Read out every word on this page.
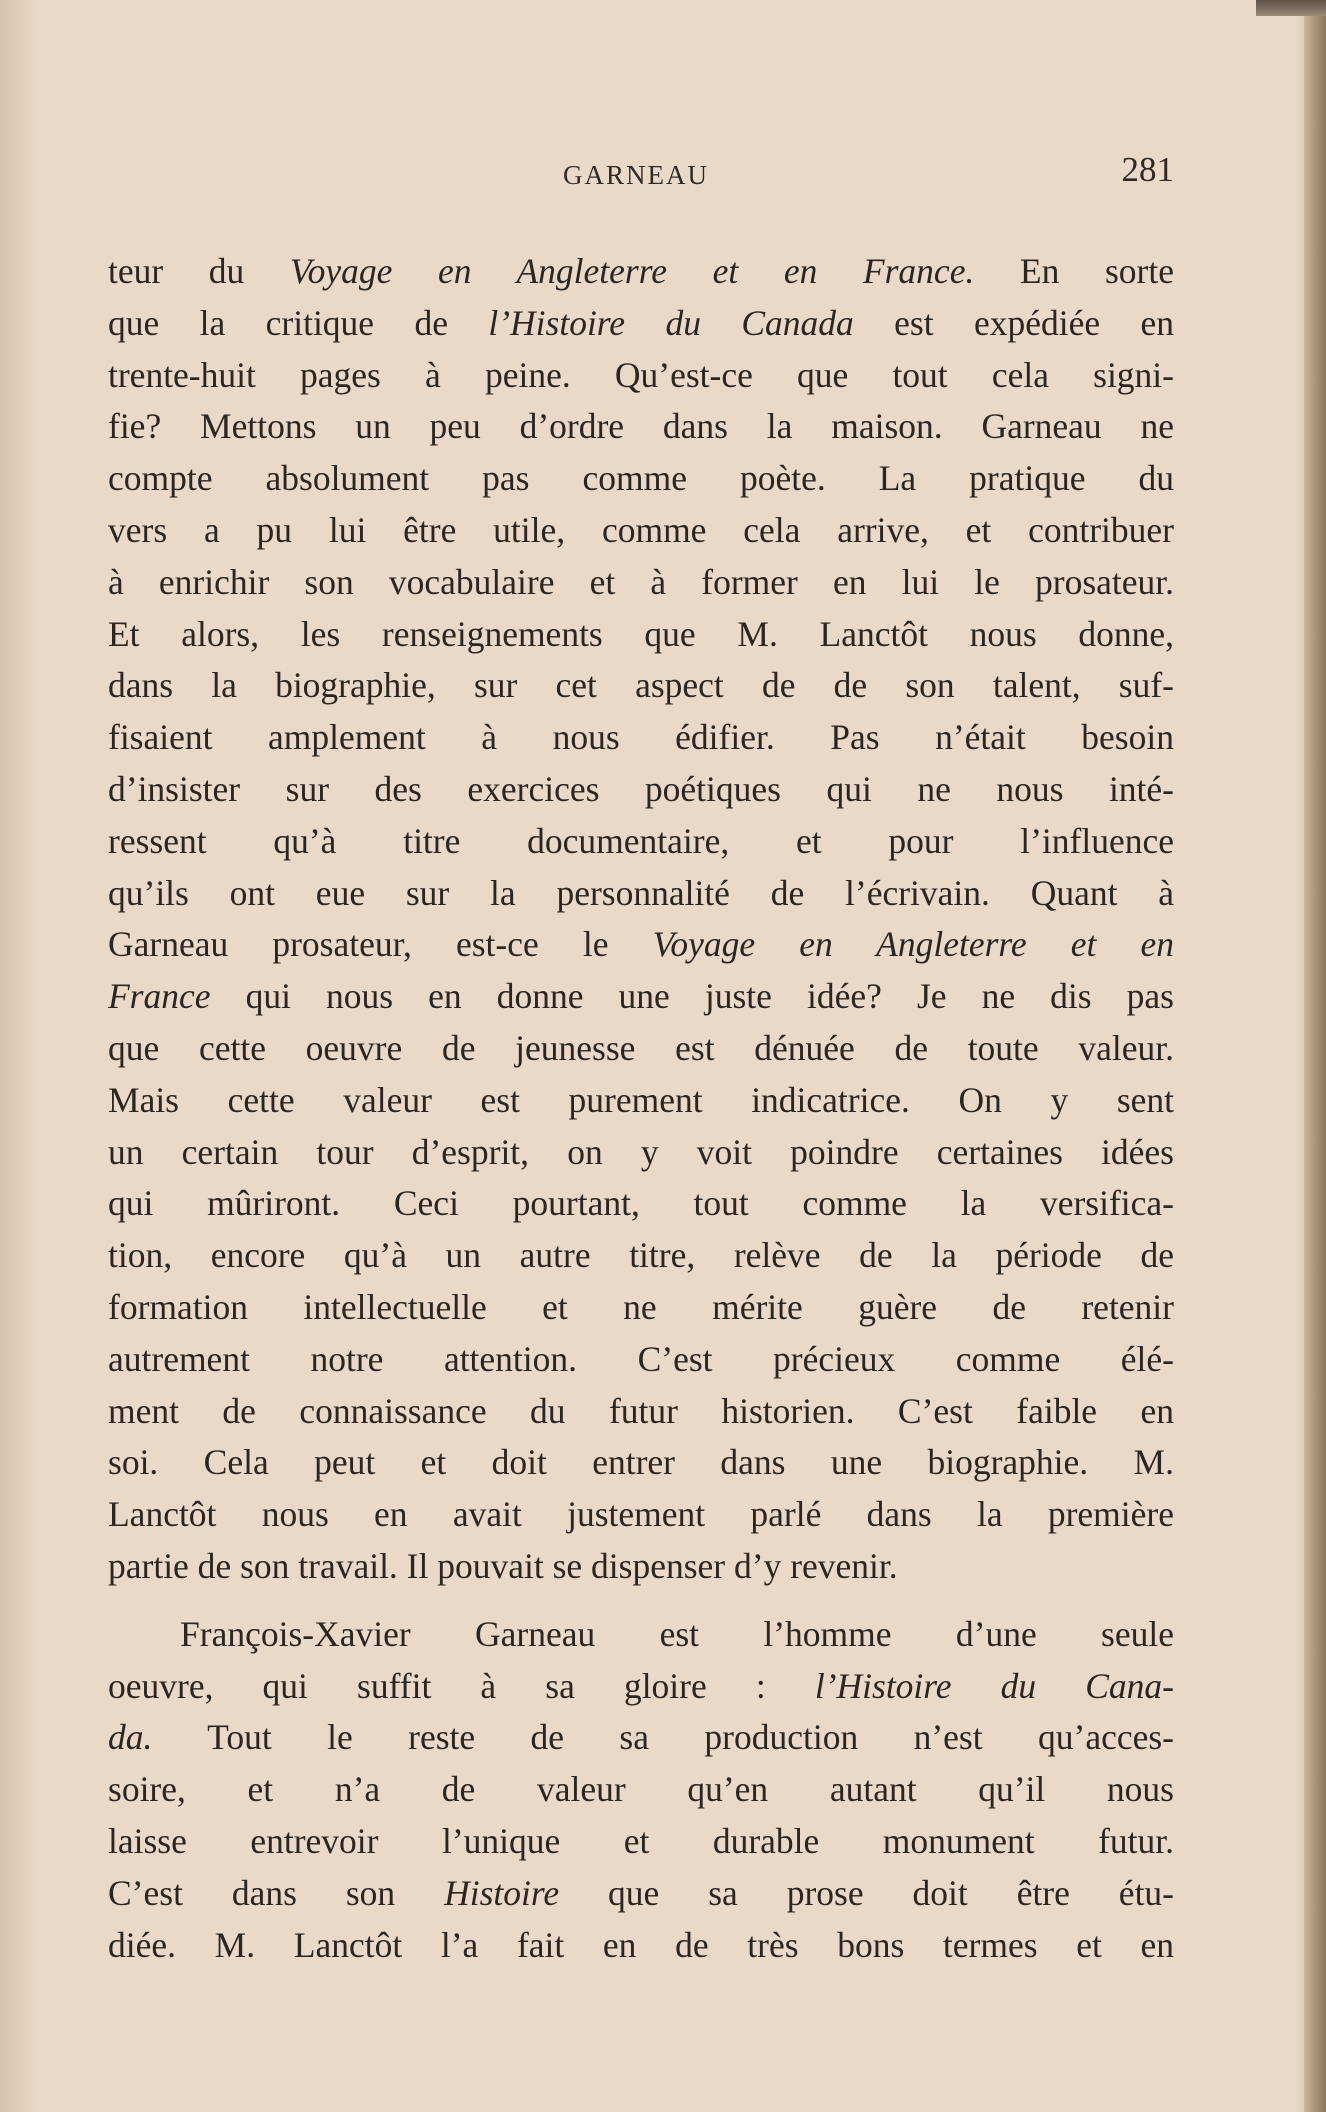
GARNEAU	281
teur du Voyage en Angleterre et en France. En sorte
que la critique de l’Histoire du Canada est expédiée en
trente-huit pages à peine. Qu’est-ce que tout cela signi-
fie? Mettons un peu d’ordre dans la maison. Garneau ne
compte absolument pas comme poète. La pratique du
vers a pu lui être utile, comme cela arrive, et contribuer
à enrichir son vocabulaire et à former en lui le prosateur.
Et alors, les renseignements que M. Lanctôt nous donne,
dans la biographie, sur cet aspect de de son talent, suf-
fisaient amplement à nous édifier. Pas n’était besoin
d’insister sur des exercices poétiques qui ne nous inté-
ressent qu’à titre documentaire, et pour l’influence
qu’ils ont eue sur la personnalité de l’écrivain. Quant à
Garneau prosateur, est-ce le Voyage en Angleterre et en
France qui nous en donne une juste idée? Je ne dis pas
que cette oeuvre de jeunesse est dénuée de toute valeur.
Mais cette valeur est purement indicatrice. On y sent
un certain tour d’esprit, on y voit poindre certaines idées
qui mûriront. Ceci pourtant, tout comme la versifica-
tion, encore qu’à un autre titre, relève de la période de
formation intellectuelle et ne mérite guère de retenir
autrement notre attention. C’est précieux comme élé-
ment de connaissance du futur historien. C’est faible en
soi. Cela peut et doit entrer dans une biographie. M.
Lanctôt nous en avait justement parlé dans la première
partie de son travail. Il pouvait se dispenser d’y revenir.
François-Xavier Garneau est l’homme d’une seule
oeuvre, qui suffit à sa gloire : l’Histoire du Cana-
da. Tout le reste de sa production n’est qu’acces-
soire, et n’a de valeur qu’en autant qu’il nous
laisse entrevoir l’unique et durable monument futur.
C’est dans son Histoire que sa prose doit être étu-
diée. M. Lanctôt l’a fait en de très bons termes et en
